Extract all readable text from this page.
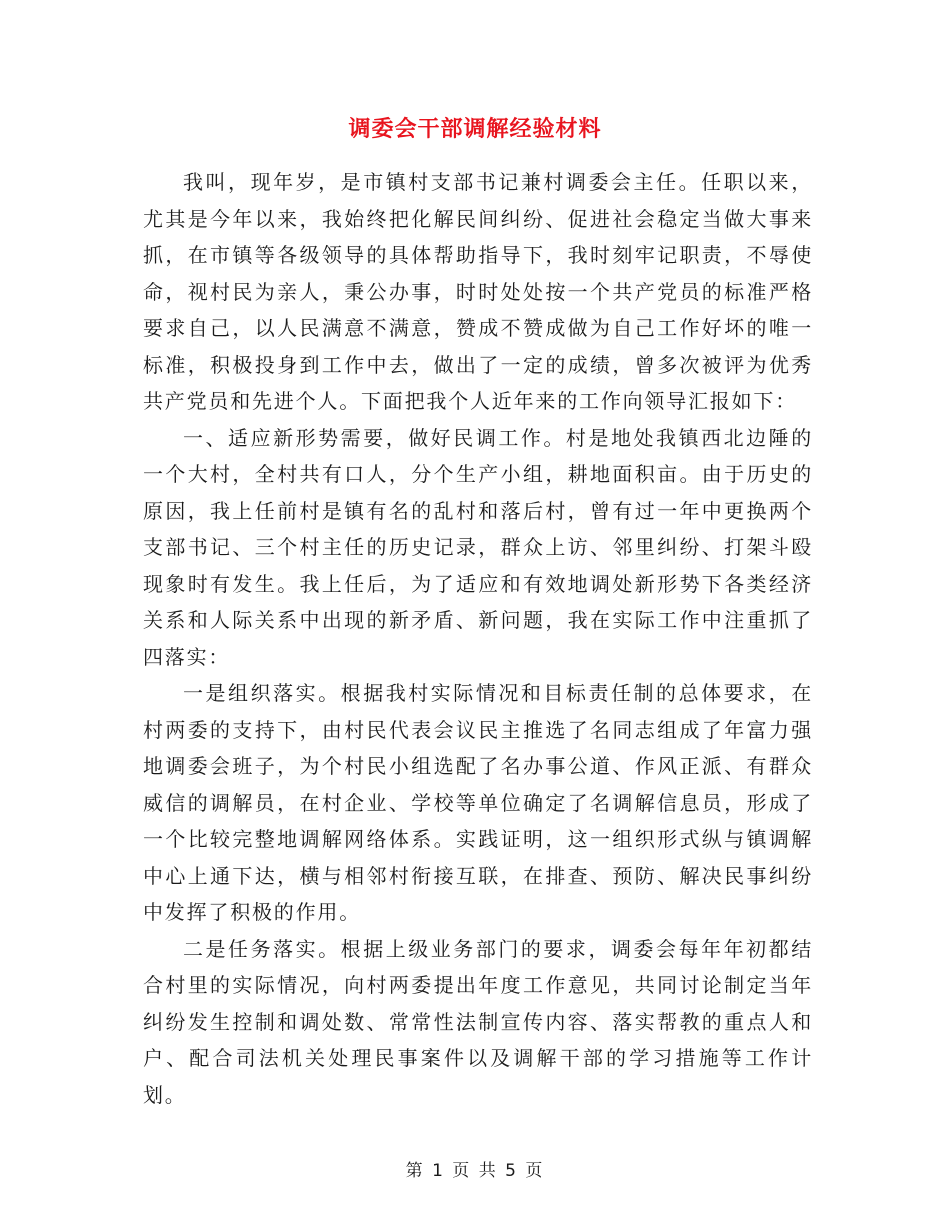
调委会干部调解经验材料

我叫，现年岁，是市镇村支部书记兼村调委会主任。任职以来，尤其是今年以来，我始终把化解民间纠纷、促进社会稳定当做大事来抓，在市镇等各级领导的具体帮助指导下，我时刻牢记职责，不辱使命，视村民为亲人，秉公办事，时时处处按一个共产党员的标准严格要求自己，以人民满意不满意，赞成不赞成做为自己工作好坏的唯一标准，积极投身到工作中去，做出了一定的成绩，曾多次被评为优秀共产党员和先进个人。下面把我个人近年来的工作向领导汇报如下：

一、适应新形势需要，做好民调工作。村是地处我镇西北边陲的一个大村，全村共有口人，分个生产小组，耕地面积亩。由于历史的原因，我上任前村是镇有名的乱村和落后村，曾有过一年中更换两个支部书记、三个村主任的历史记录，群众上访、邻里纠纷、打架斗殴现象时有发生。我上任后，为了适应和有效地调处新形势下各类经济关系和人际关系中出现的新矛盾、新问题，我在实际工作中注重抓了四落实：

一是组织落实。根据我村实际情况和目标责任制的总体要求，在村两委的支持下，由村民代表会议民主推选了名同志组成了年富力强地调委会班子，为个村民小组选配了名办事公道、作风正派、有群众威信的调解员，在村企业、学校等单位确定了名调解信息员，形成了一个比较完整地调解网络体系。实践证明，这一组织形式纵与镇调解中心上通下达，横与相邻村衔接互联，在排查、预防、解决民事纠纷中发挥了积极的作用。

二是任务落实。根据上级业务部门的要求，调委会每年年初都结合村里的实际情况，向村两委提出年度工作意见，共同讨论制定当年纠纷发生控制和调处数、常常性法制宣传内容、落实帮教的重点人和户、配合司法机关处理民事案件以及调解干部的学习措施等工作计划。

第 1 页 共 5 页
